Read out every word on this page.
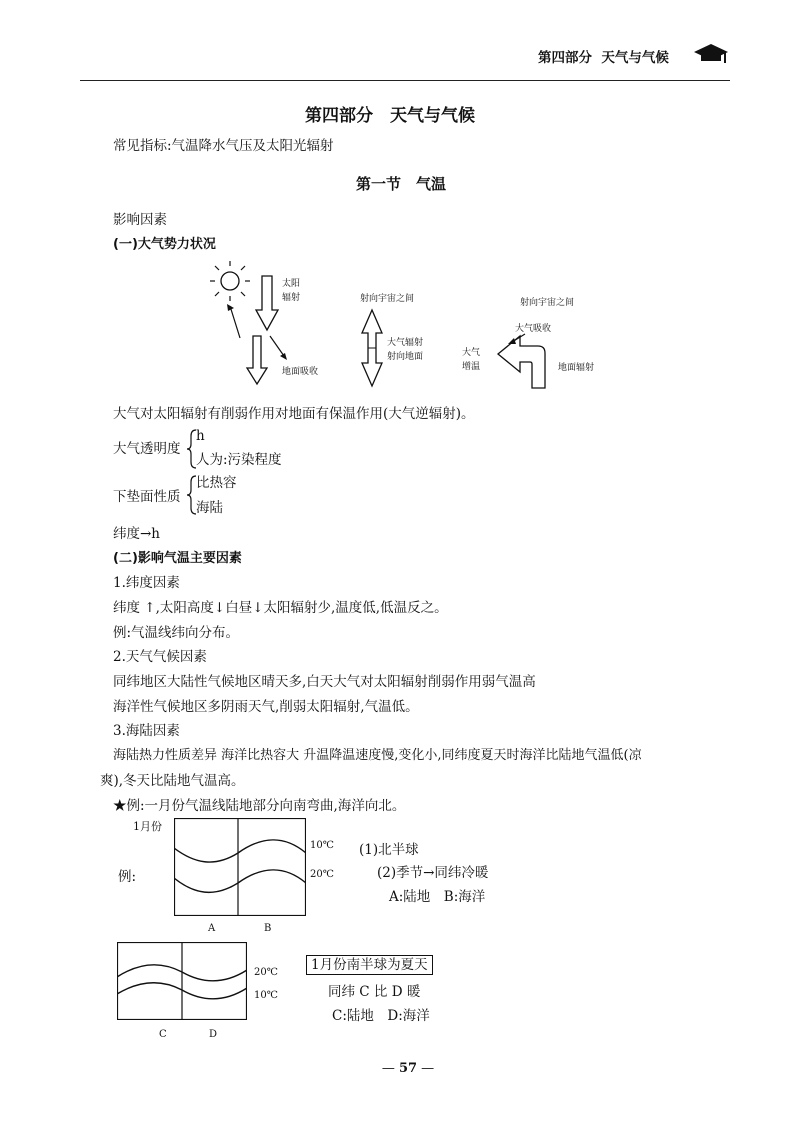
第四部分 天气与气候
第四部分　天气与气候
常见指标:气温降水气压及太阳光辐射
第一节　气温
影响因素
(一)大气势力状况
太阳
辐射
地面吸收
射向宇宙之间
大气辐射
射向地面
射向宇宙之间
大气吸收
大气
增温	地面辐射
大气对太阳辐射有削弱作用对地面有保温作用(大气逆辐射)。
大气透明度
h
人为:污染程度
下垫面性质
比热容
海陆
纬度→h
(二)影响气温主要因素
1.纬度因素
纬度 ↑,太阳高度↓白昼↓太阳辐射少,温度低,低温反之。
例:气温线纬向分布。
2.天气气候因素
同纬地区大陆性气候地区晴天多,白天大气对太阳辐射削弱作用弱气温高
海洋性气候地区多阴雨天气,削弱太阳辐射,气温低。
3.海陆因素
海陆热力性质差异 海洋比热容大 升温降温速度慢,变化小,同纬度夏天时海洋比陆地气温低(凉
爽),冬天比陆地气温高。
★例:一月份气温线陆地部分向南弯曲,海洋向北。
1月份
例:
10℃
20℃
A	B
(1)北半球
(2)季节→同纬冷暖
A:陆地　B:海洋
20℃
10℃
C	D
1月份南半球为夏天
同纬 C 比 D 暖
C:陆地　D:海洋
— 57 —
